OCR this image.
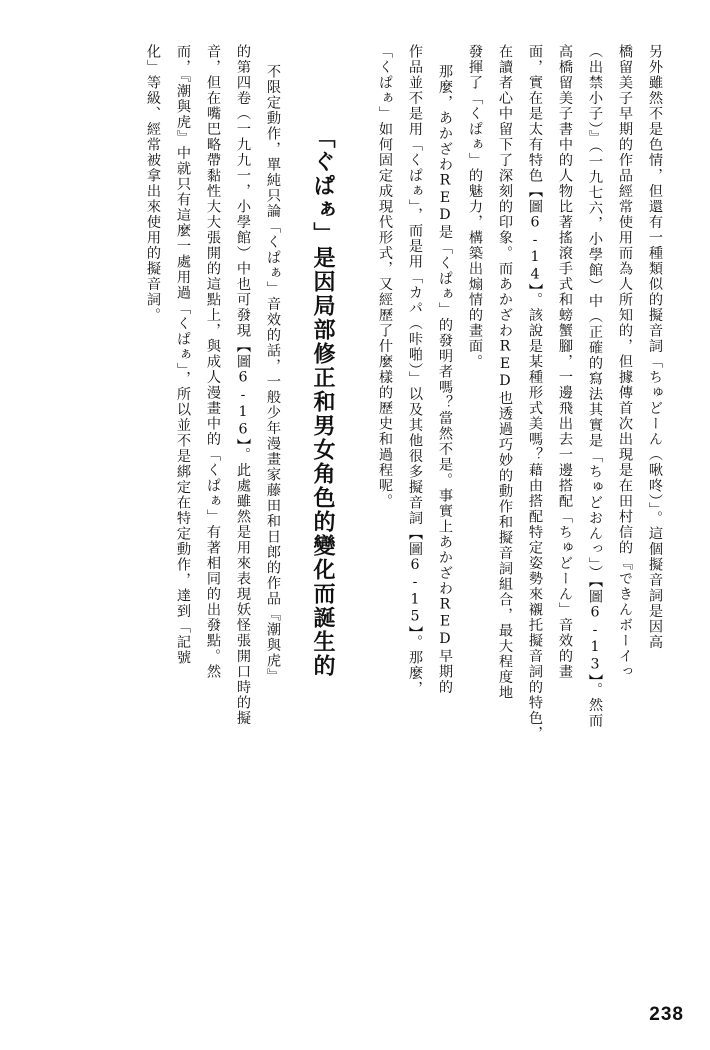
另外雖然不是色情，但還有一種類似的擬音詞「ちゅどーん（啾咚）」。這個擬音詞是因高
橋留美子早期的作品經常使用而為人所知的，但據傳首次出現是在田村信的『できんボーイっ
（出禁小子）』（一九七六，小學館）中（正確的寫法其實是「ちゅどおんっ」）【圖6-13】。然而
高橋留美子書中的人物比著搖滾手式和螃蟹腳，一邊飛出去一邊搭配「ちゅどーん」音效的畫
面，實在是太有特色【圖6-14】。該說是某種形式美嗎？藉由搭配特定姿勢來襯托擬音詞的特色，
在讀者心中留下了深刻的印象。而あかざわRED也透過巧妙的動作和擬音詞組合，最大程度地
發揮了「くぱぁ」的魅力，構築出煽情的畫面。
那麼，あかざわRED是「くぱぁ」的發明者嗎？當然不是。事實上あかざわRED早期的
作品並不是用「くぱぁ」，而是用「カパ（咔啪）」以及其他很多擬音詞【圖6-15】。那麼，
「くぱぁ」如何固定成現代形式，又經歷了什麼樣的歷史和過程呢。
「ぐぱぁ」是因局部修正和男女角色的變化而誕生的
不限定動作，單純只論「くぱぁ」音效的話，一般少年漫畫家藤田和日郎的作品『潮與虎』
的第四卷（一九九一，小學館）中也可發現【圖6-16】。此處雖然是用來表現妖怪張開口時的擬
音，但在嘴巴略帶黏性大大張開的這點上，與成人漫畫中的「くぱぁ」有著相同的出發點。然
而，『潮與虎』中就只有這麼一處用過「くぱぁ」，所以並不是綁定在特定動作，達到「記號
化」等級、經常被拿出來使用的擬音詞。
238
